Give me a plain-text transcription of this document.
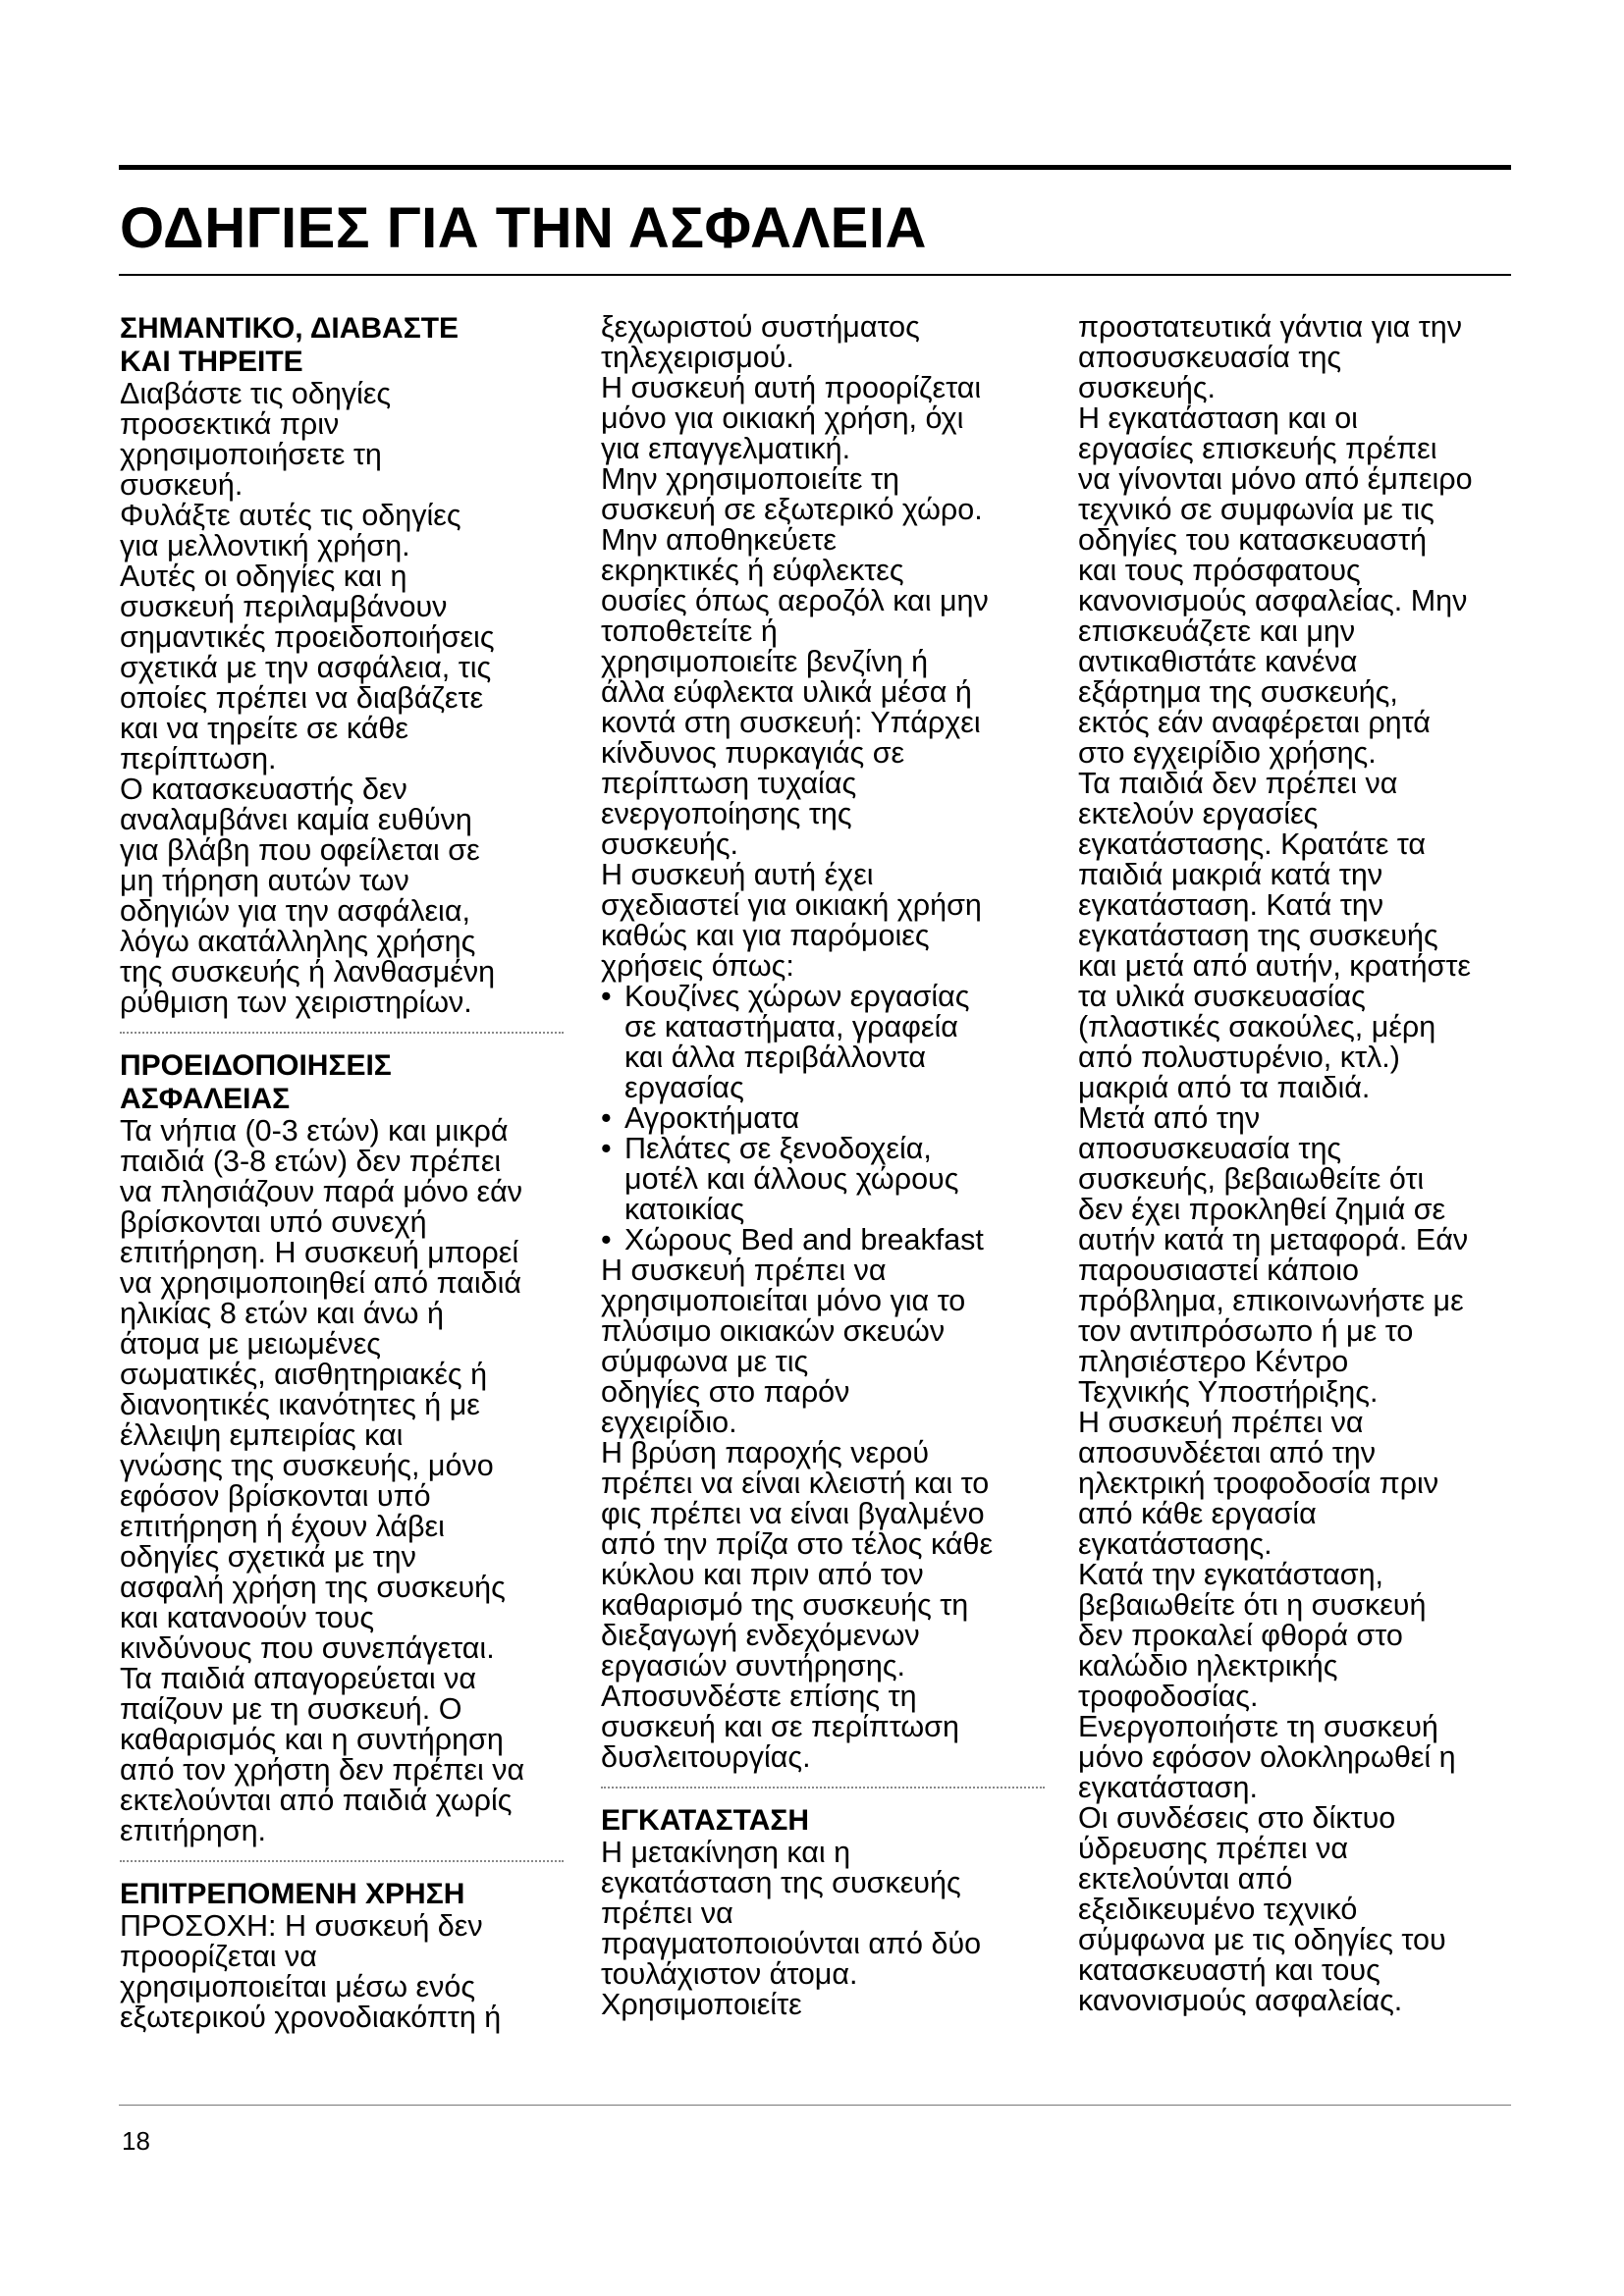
ΟΔΗΓΙΕΣ ΓΙΑ ΤΗΝ ΑΣΦΑΛΕΙΑ
ΣΗΜΑΝΤΙΚΟ, ΔΙΑΒΑΣΤΕ
ΚΑΙ ΤΗΡΕΙΤΕ

Διαβάστε τις οδηγίες
προσεκτικά πριν
χρησιμοποιήσετε τη
συσκευή.
Φυλάξτε αυτές τις οδηγίες
για μελλοντική χρήση.
Αυτές οι οδηγίες και η
συσκευή περιλαμβάνουν
σημαντικές προειδοποιήσεις
σχετικά με την ασφάλεια, τις
οποίες πρέπει να διαβάζετε
και να τηρείτε σε κάθε
περίπτωση.
Ο κατασκευαστής δεν
αναλαμβάνει καμία ευθύνη
για βλάβη που οφείλεται σε
μη τήρηση αυτών των
οδηγιών για την ασφάλεια,
λόγω ακατάλληλης χρήσης
της συσκευής ή λανθασμένη
ρύθμιση των χειριστηρίων.

ΠΡΟΕΙΔΟΠΟΙΗΣΕΙΣ
ΑΣΦΑΛΕΙΑΣ

Τα νήπια (0-3 ετών) και μικρά
παιδιά (3-8 ετών) δεν πρέπει
να πλησιάζουν παρά μόνο εάν
βρίσκονται υπό συνεχή
επιτήρηση. Η συσκευή μπορεί
να χρησιμοποιηθεί από παιδιά
ηλικίας 8 ετών και άνω ή
άτομα με μειωμένες
σωματικές, αισθητηριακές ή
διανοητικές ικανότητες ή με
έλλειψη εμπειρίας και
γνώσης της συσκευής, μόνο
εφόσον βρίσκονται υπό
επιτήρηση ή έχουν λάβει
οδηγίες σχετικά με την
ασφαλή χρήση της συσκευής
και κατανοούν τους
κινδύνους που συνεπάγεται.
Τα παιδιά απαγορεύεται να
παίζουν με τη συσκευή. Ο
καθαρισμός και η συντήρηση
από τον χρήστη δεν πρέπει να
εκτελούνται από παιδιά χωρίς
επιτήρηση.

ΕΠΙΤΡΕΠΟΜΕΝΗ ΧΡΗΣΗ

ΠΡΟΣΟΧΗ: Η συσκευή δεν
προορίζεται να
χρησιμοποιείται μέσω ενός
εξωτερικού χρονοδιακόπτη ή

ξεχωριστού συστήματος
τηλεχειρισμού.
Η συσκευή αυτή προορίζεται
μόνο για οικιακή χρήση, όχι
για επαγγελματική.
Μην χρησιμοποιείτε τη
συσκευή σε εξωτερικό χώρο.
Μην αποθηκεύετε
εκρηκτικές ή εύφλεκτες
ουσίες όπως αεροζόλ και μην
τοποθετείτε ή
χρησιμοποιείτε βενζίνη ή
άλλα εύφλεκτα υλικά μέσα ή
κοντά στη συσκευή: Υπάρχει
κίνδυνος πυρκαγιάς σε
περίπτωση τυχαίας
ενεργοποίησης της
συσκευής.
Η συσκευή αυτή έχει
σχεδιαστεί για οικιακή χρήση
καθώς και για παρόμοιες
χρήσεις όπως:

• Κουζίνες χώρων εργασίας
σε καταστήματα, γραφεία
και άλλα περιβάλλοντα
εργασίας
• Αγροκτήματα
• Πελάτες σε ξενοδοχεία,
μοτέλ και άλλους χώρους
κατοικίας
• Χώρους Bed and breakfast

Η συσκευή πρέπει να
χρησιμοποιείται μόνο για το
πλύσιμο οικιακών σκευών
σύμφωνα με τις
οδηγίες στο παρόν
εγχειρίδιο.
Η βρύση παροχής νερού
πρέπει να είναι κλειστή και το
φις πρέπει να είναι βγαλμένο
από την πρίζα στο τέλος κάθε
κύκλου και πριν από τον
καθαρισμό της συσκευής τη
διεξαγωγή ενδεχόμενων
εργασιών συντήρησης.
Αποσυνδέστε επίσης τη
συσκευή και σε περίπτωση
δυσλειτουργίας.

ΕΓΚΑΤΑΣΤΑΣΗ

Η μετακίνηση και η
εγκατάσταση της συσκευής
πρέπει να
πραγματοποιούνται από δύο
τουλάχιστον άτομα.
Χρησιμοποιείτε

προστατευτικά γάντια για την
αποσυσκευασία της
συσκευής.
Η εγκατάσταση και οι
εργασίες επισκευής πρέπει
να γίνονται μόνο από έμπειρο
τεχνικό σε συμφωνία με τις
οδηγίες του κατασκευαστή
και τους πρόσφατους
κανονισμούς ασφαλείας. Μην
επισκευάζετε και μην
αντικαθιστάτε κανένα
εξάρτημα της συσκευής,
εκτός εάν αναφέρεται ρητά
στο εγχειρίδιο χρήσης.
Τα παιδιά δεν πρέπει να
εκτελούν εργασίες
εγκατάστασης. Κρατάτε τα
παιδιά μακριά κατά την
εγκατάσταση. Κατά την
εγκατάσταση της συσκευής
και μετά από αυτήν, κρατήστε
τα υλικά συσκευασίας
(πλαστικές σακούλες, μέρη
από πολυστυρένιο, κτλ.)
μακριά από τα παιδιά.
Μετά από την
αποσυσκευασία της
συσκευής, βεβαιωθείτε ότι
δεν έχει προκληθεί ζημιά σε
αυτήν κατά τη μεταφορά. Εάν
παρουσιαστεί κάποιο
πρόβλημα, επικοινωνήστε με
τον αντιπρόσωπο ή με το
πλησιέστερο Κέντρο
Τεχνικής Υποστήριξης.
Η συσκευή πρέπει να
αποσυνδέεται από την
ηλεκτρική τροφοδοσία πριν
από κάθε εργασία
εγκατάστασης.
Κατά την εγκατάσταση,
βεβαιωθείτε ότι η συσκευή
δεν προκαλεί φθορά στο
καλώδιο ηλεκτρικής
τροφοδοσίας.
Ενεργοποιήστε τη συσκευή
μόνο εφόσον ολοκληρωθεί η
εγκατάσταση.
Οι συνδέσεις στο δίκτυο
ύδρευσης πρέπει να
εκτελούνται από
εξειδικευμένο τεχνικό
σύμφωνα με τις οδηγίες του
κατασκευαστή και τους
κανονισμούς ασφαλείας.

18
